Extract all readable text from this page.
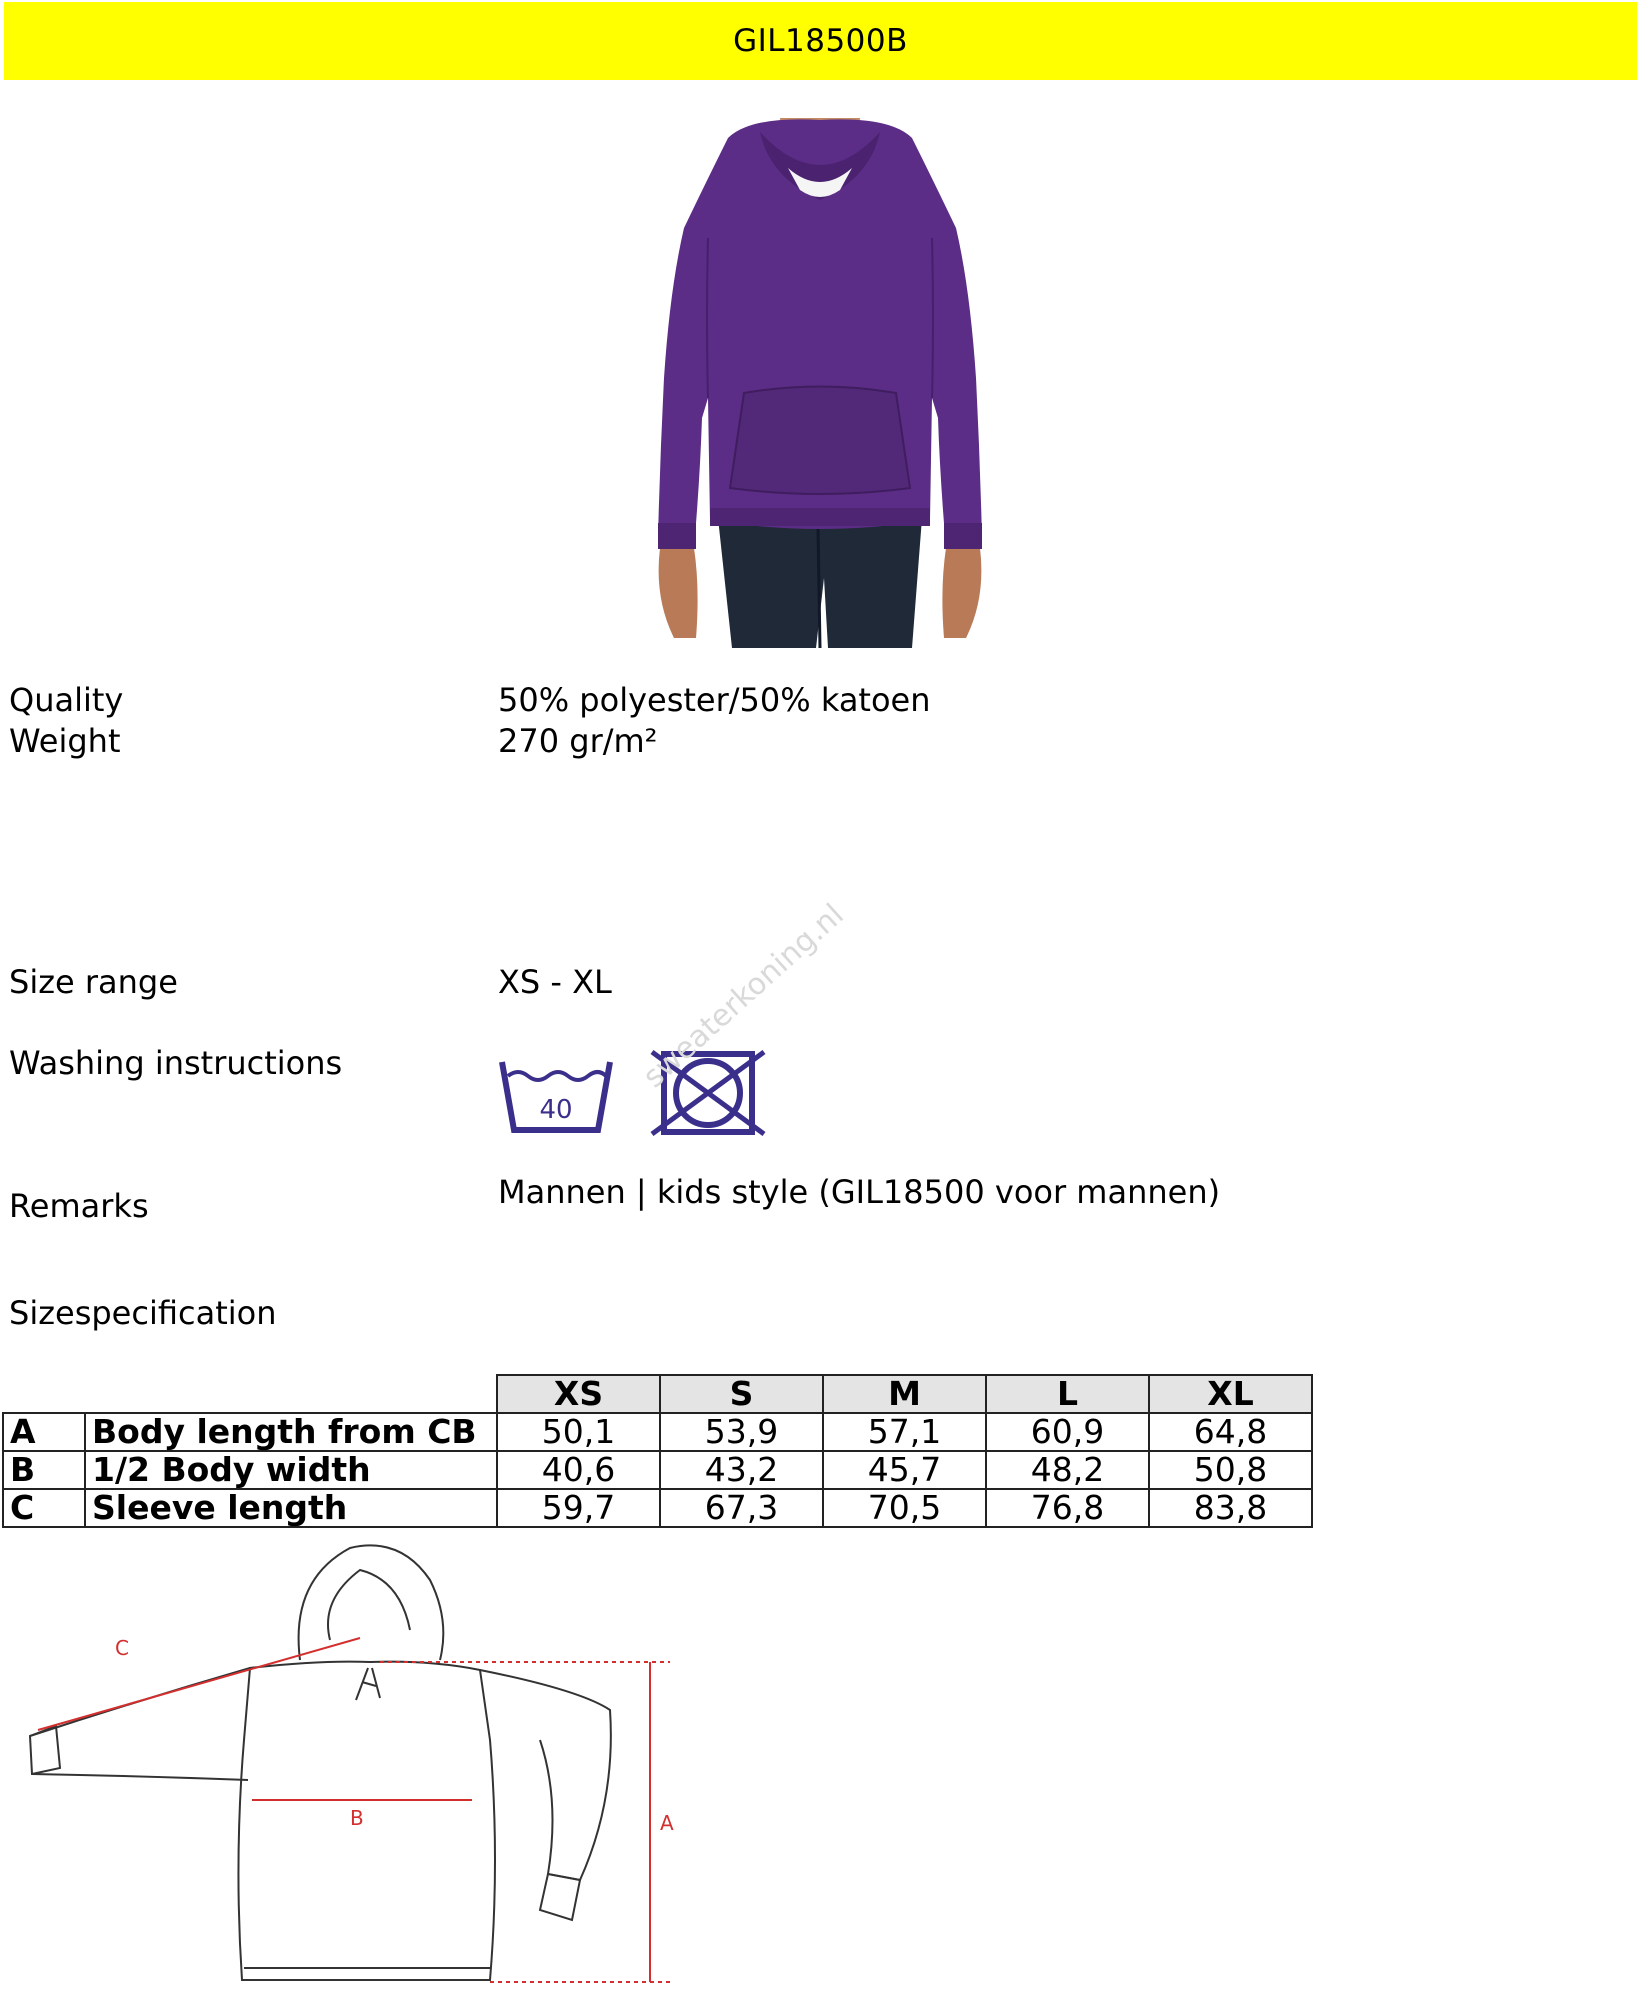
GIL18500B
Quality	50% polyester/50% katoen
Weight	270 gr/m²
Size range	XS - XL
Washing instructions
40
sweaterkoning.nl
Remarks	Mannen | kids style (GIL18500 voor mannen)
Sizespecification
		XS	S	M	L	XL
A	Body length from CB	50,1	53,9	57,1	60,9	64,8
B	1/2 Body width	40,6	43,2	45,7	48,2	50,8
C	Sleeve length	59,7	67,3	70,5	76,8	83,8
C
B	A
